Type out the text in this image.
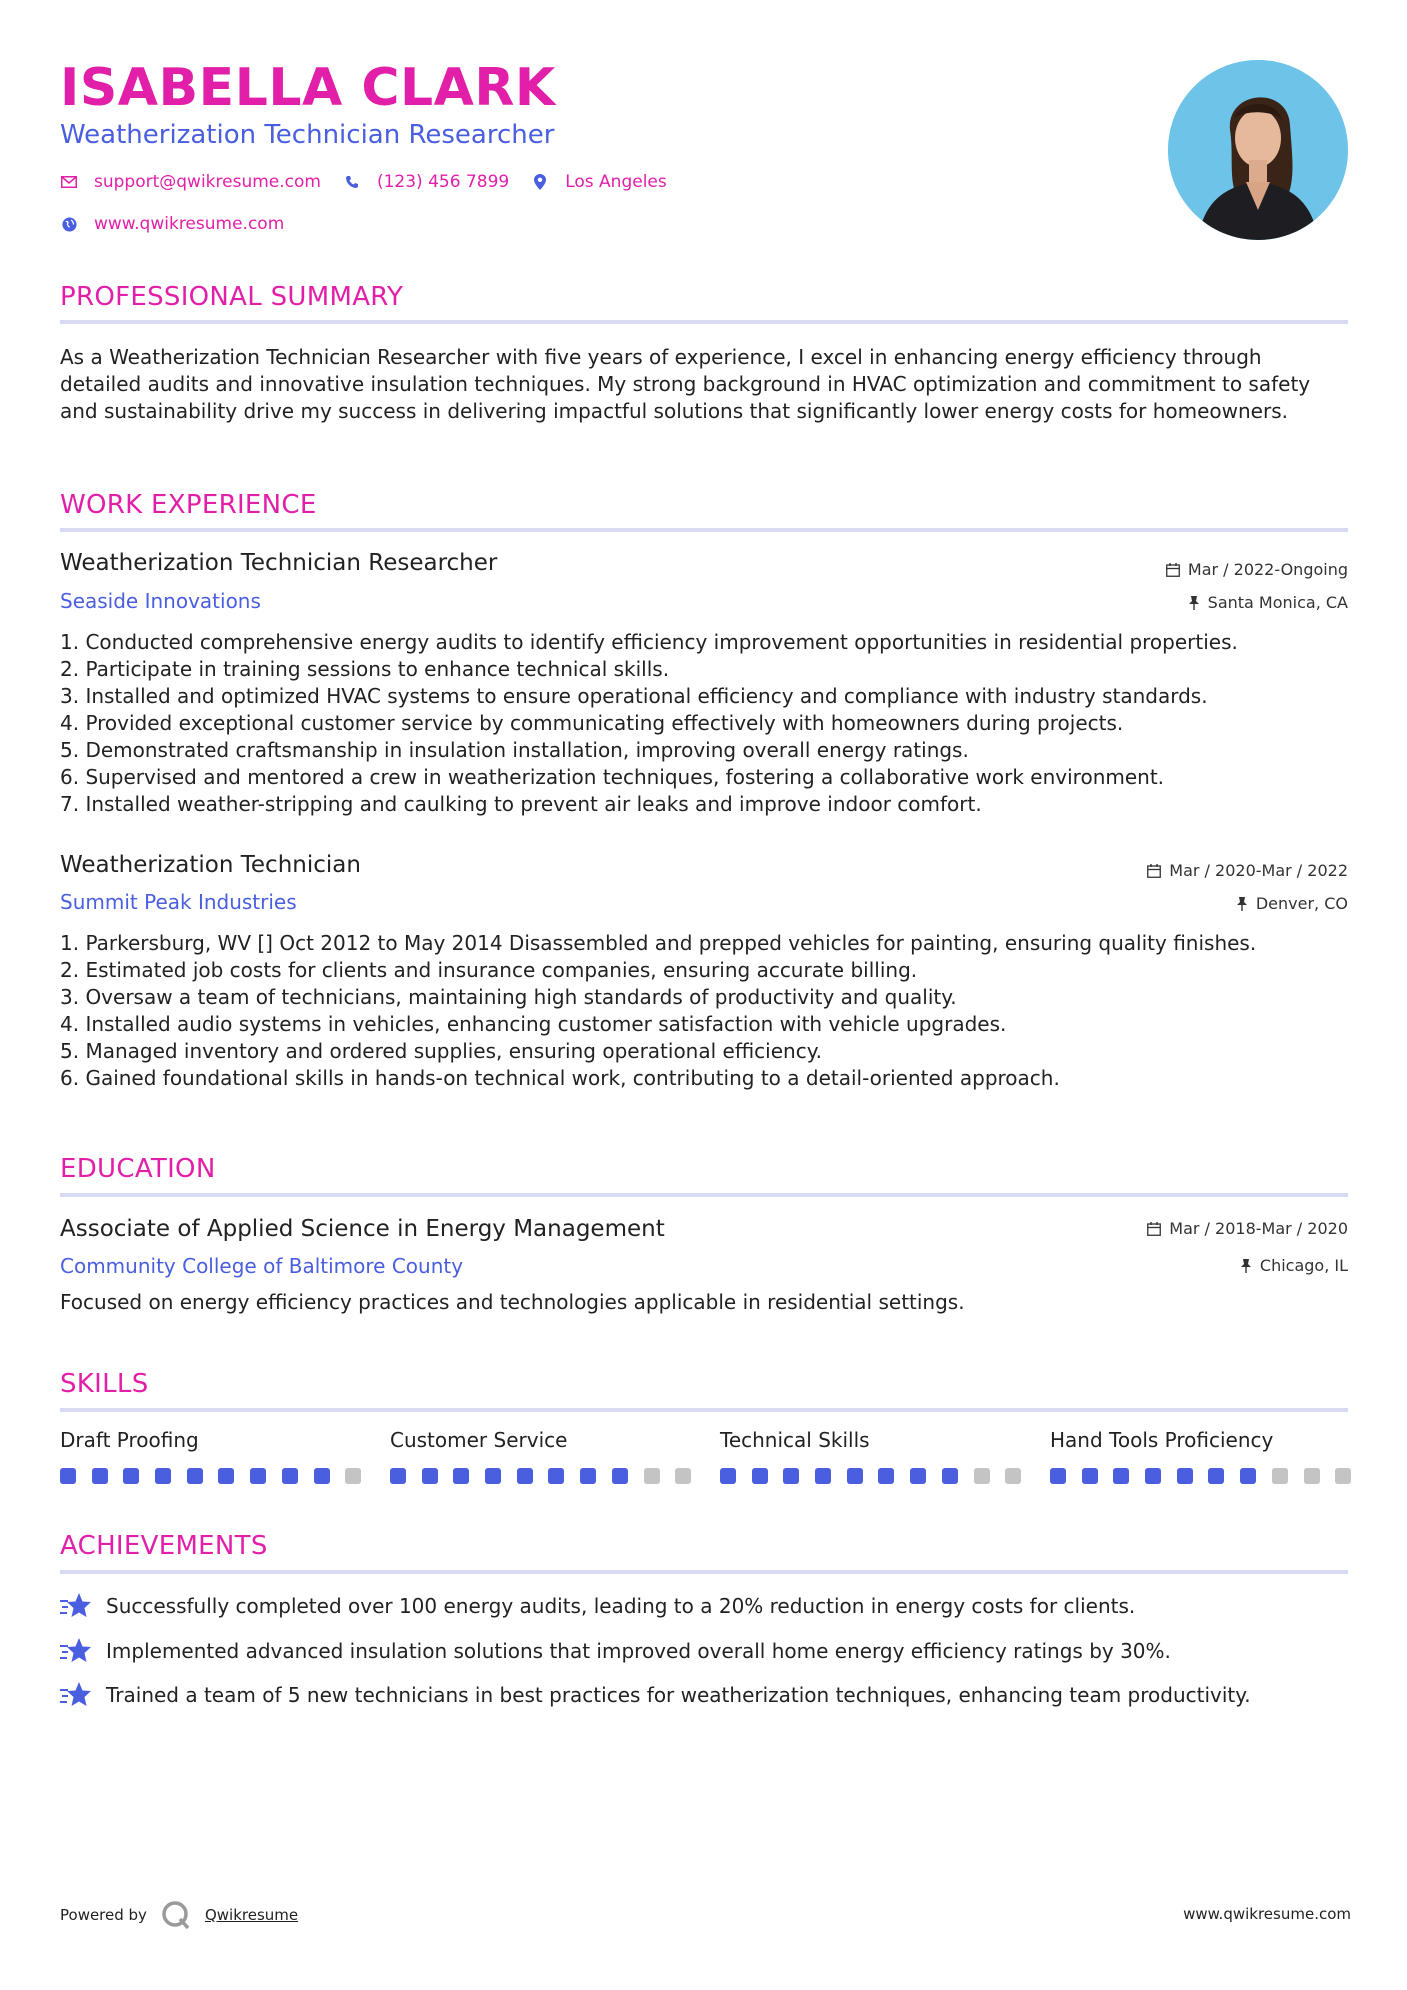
ISABELLA CLARK
Weatherization Technician Researcher
support@qwikresume.com	(123) 456 7899	Los Angeles
www.qwikresume.com
PROFESSIONAL SUMMARY

As a Weatherization Technician Researcher with five years of experience, I excel in enhancing energy efficiency through detailed audits and innovative insulation techniques. My strong background in HVAC optimization and commitment to safety and sustainability drive my success in delivering impactful solutions that significantly lower energy costs for homeowners.

WORK EXPERIENCE
Weatherization Technician Researcher
Seaside Innovations
Mar / 2022-Ongoing
Santa Monica, CA
1. Conducted comprehensive energy audits to identify efficiency improvement opportunities in residential properties.
2. Participate in training sessions to enhance technical skills.
3. Installed and optimized HVAC systems to ensure operational efficiency and compliance with industry standards.
4. Provided exceptional customer service by communicating effectively with homeowners during projects.
5. Demonstrated craftsmanship in insulation installation, improving overall energy ratings.
6. Supervised and mentored a crew in weatherization techniques, fostering a collaborative work environment.
7. Installed weather-stripping and caulking to prevent air leaks and improve indoor comfort.
Weatherization Technician
Summit Peak Industries
Mar / 2020-Mar / 2022
Denver, CO
1. Parkersburg, WV [] Oct 2012 to May 2014 Disassembled and prepped vehicles for painting, ensuring quality finishes.
2. Estimated job costs for clients and insurance companies, ensuring accurate billing.
3. Oversaw a team of technicians, maintaining high standards of productivity and quality.
4. Installed audio systems in vehicles, enhancing customer satisfaction with vehicle upgrades.
5. Managed inventory and ordered supplies, ensuring operational efficiency.
6. Gained foundational skills in hands-on technical work, contributing to a detail-oriented approach.
EDUCATION
Associate of Applied Science in Energy Management
Community College of Baltimore County
Mar / 2018-Mar / 2020
Chicago, IL

Focused on energy efficiency practices and technologies applicable in residential settings.

SKILLS
Draft Proofing	Customer Service	Technical Skills	Hand Tools Proficiency
ACHIEVEMENTS
Successfully completed over 100 energy audits, leading to a 20% reduction in energy costs for clients.
Implemented advanced insulation solutions that improved overall home energy efficiency ratings by 30%.
Trained a team of 5 new technicians in best practices for weatherization techniques, enhancing team productivity.
Powered by	Qwikresume	www.qwikresume.com
